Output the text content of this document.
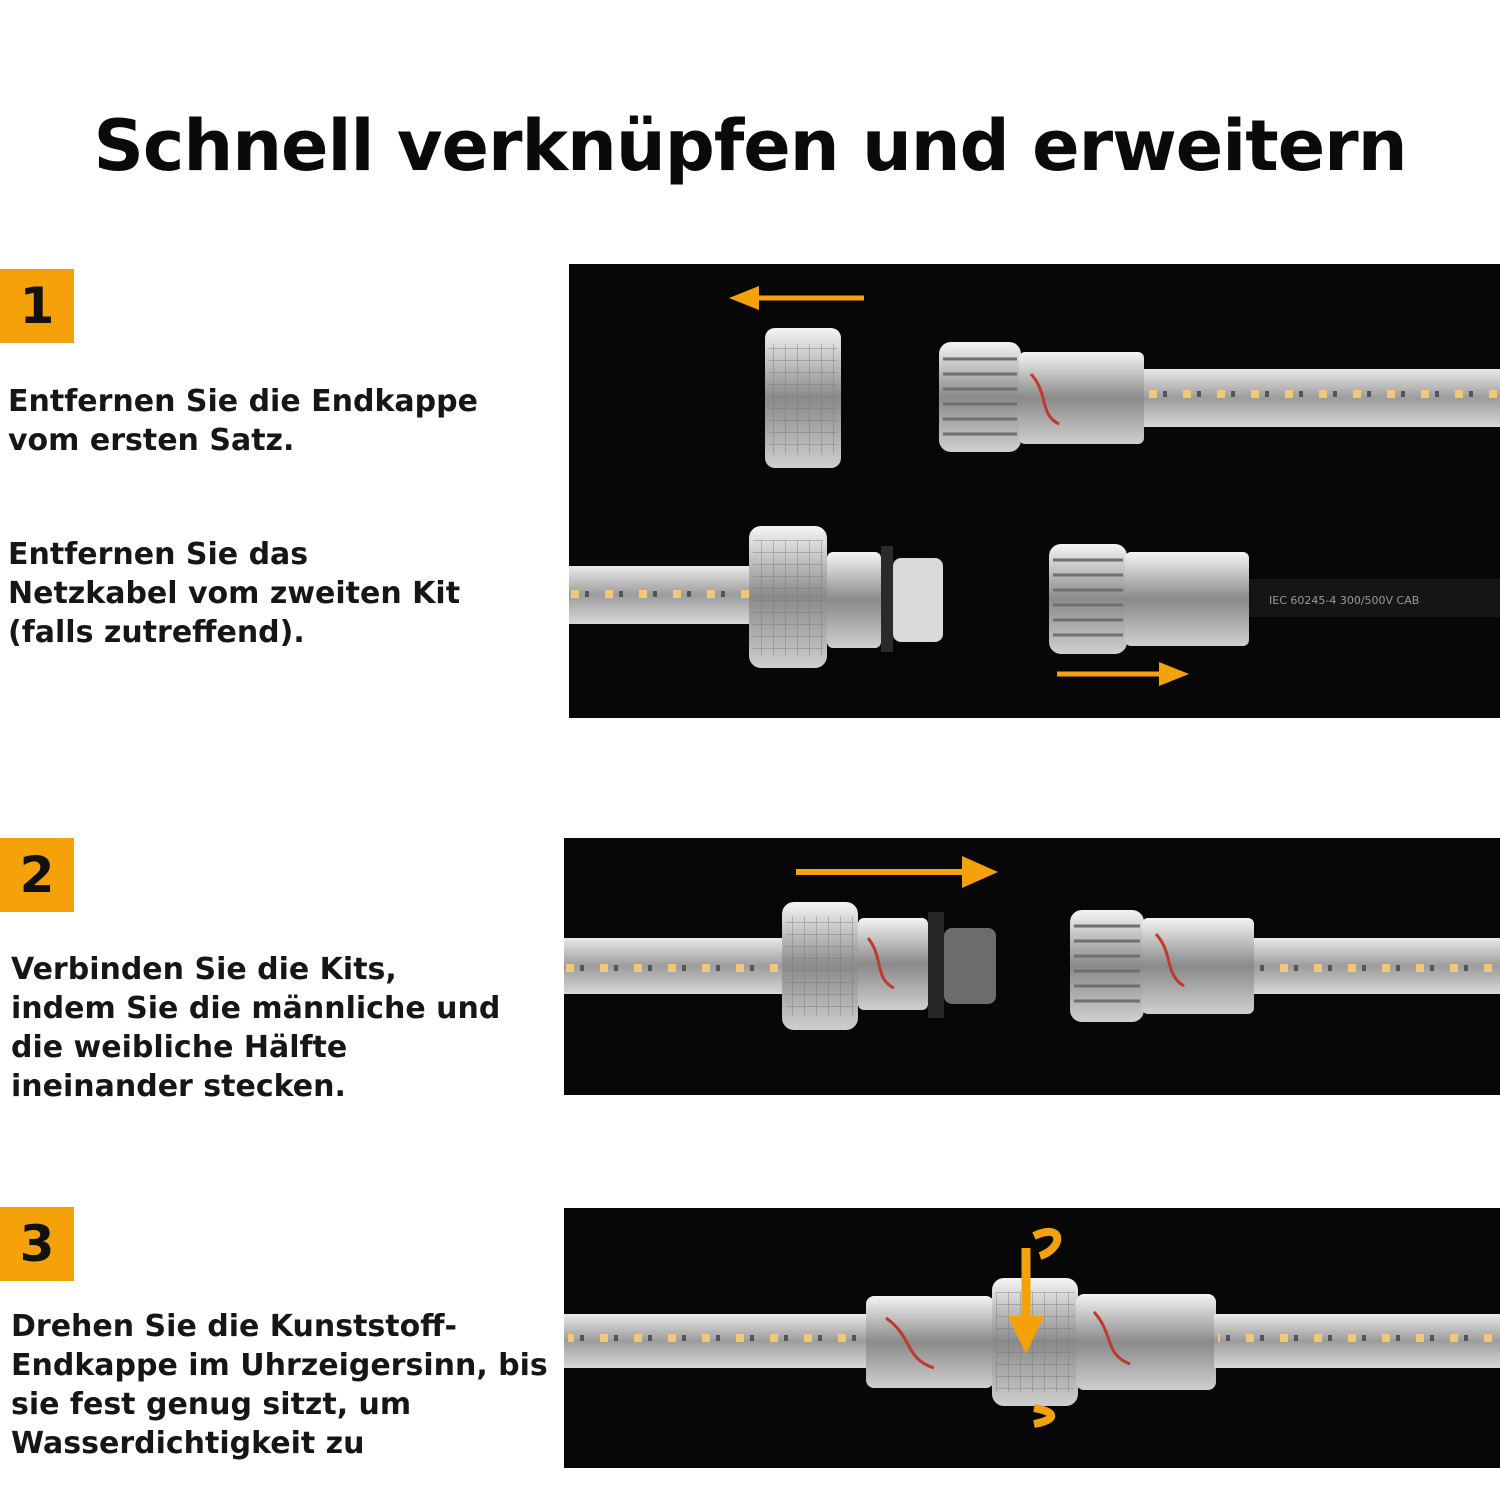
Schnell verknüpfen und erweitern
1

Entfernen Sie die Endkappe vom ersten Satz.

Entfernen Sie das Netzkabel vom zweiten Kit (falls zutreffend).

IEC 60245-4 300/500V CAB
2

Verbinden Sie die Kits, indem Sie die männliche und die weibliche Hälfte ineinander stecken.

3

Drehen Sie die Kunststoff-Endkappe im Uhrzeigersinn, bis sie fest genug sitzt, um Wasserdichtigkeit zu
